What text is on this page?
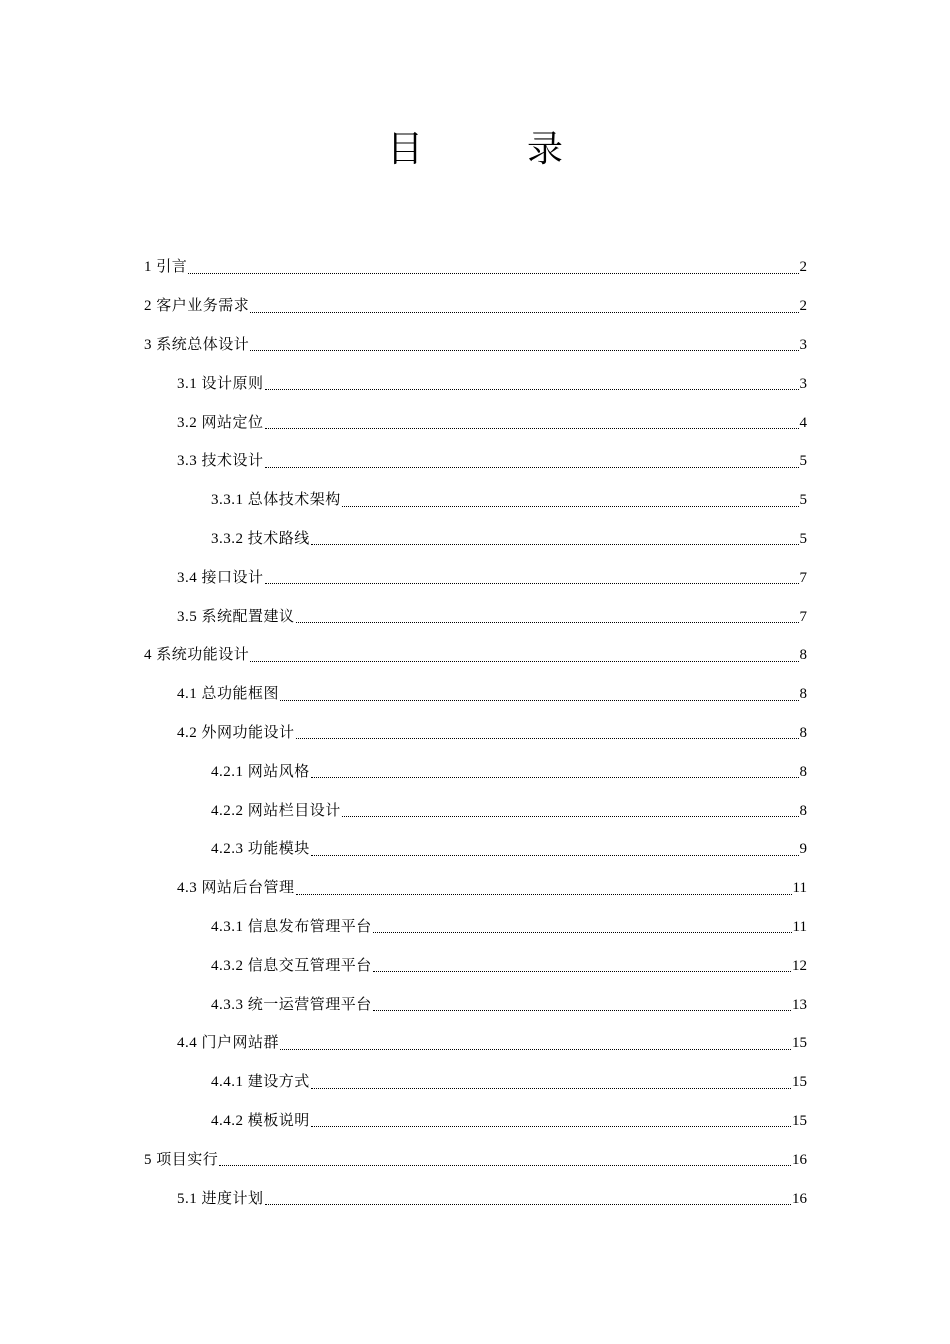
目　录
1 引言	2
2 客户业务需求	2
3 系统总体设计	3
3.1 设计原则	3
3.2 网站定位	4
3.3 技术设计	5
3.3.1 总体技术架构	5
3.3.2 技术路线	5
3.4 接口设计	7
3.5 系统配置建议	7
4 系统功能设计	8
4.1 总功能框图	8
4.2 外网功能设计	8
4.2.1 网站风格	8
4.2.2 网站栏目设计	8
4.2.3 功能模块	9
4.3 网站后台管理	11
4.3.1 信息发布管理平台	11
4.3.2 信息交互管理平台	12
4.3.3 统一运营管理平台	13
4.4 门户网站群	15
4.4.1 建设方式	15
4.4.2 模板说明	15
5 项目实行	16
5.1 进度计划	16
